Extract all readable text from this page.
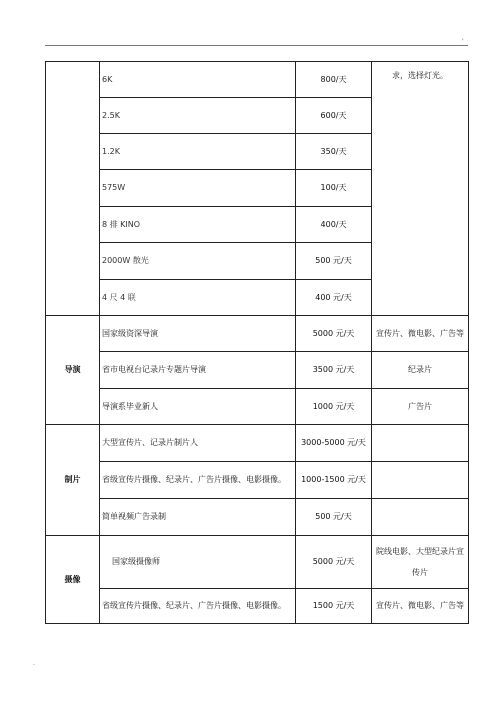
'
	6K	800/天	求，选择灯光。
	2.5K	600/天	
	1.2K	350/天	
	575W	100/天	
	8 排 KINO	400/天	
	2000W 散光	500 元/天	
	4 尺 4 联	400 元/天	
导演	国家级资深导演	5000 元/天	宣传片、微电影、广告等
	省市电视台记录片专题片导演	3500 元/天	纪录片
	导演系毕业新人	1000 元/天	广告片
制片	大型宣传片、记录片制片人	3000-5000 元/天	
	省级宣传片摄像、纪录片、广告片摄像、电影摄像。	1000-1500 元/天	
	简单视频广告录制	500 元/天	
摄像	国家级摄像师	5000 元/天	院线电影、大型纪录片宣
传片

	省级宣传片摄像、纪录片、广告片摄像、电影摄像。	1500 元/天	宣传片、微电影、广告等
.
